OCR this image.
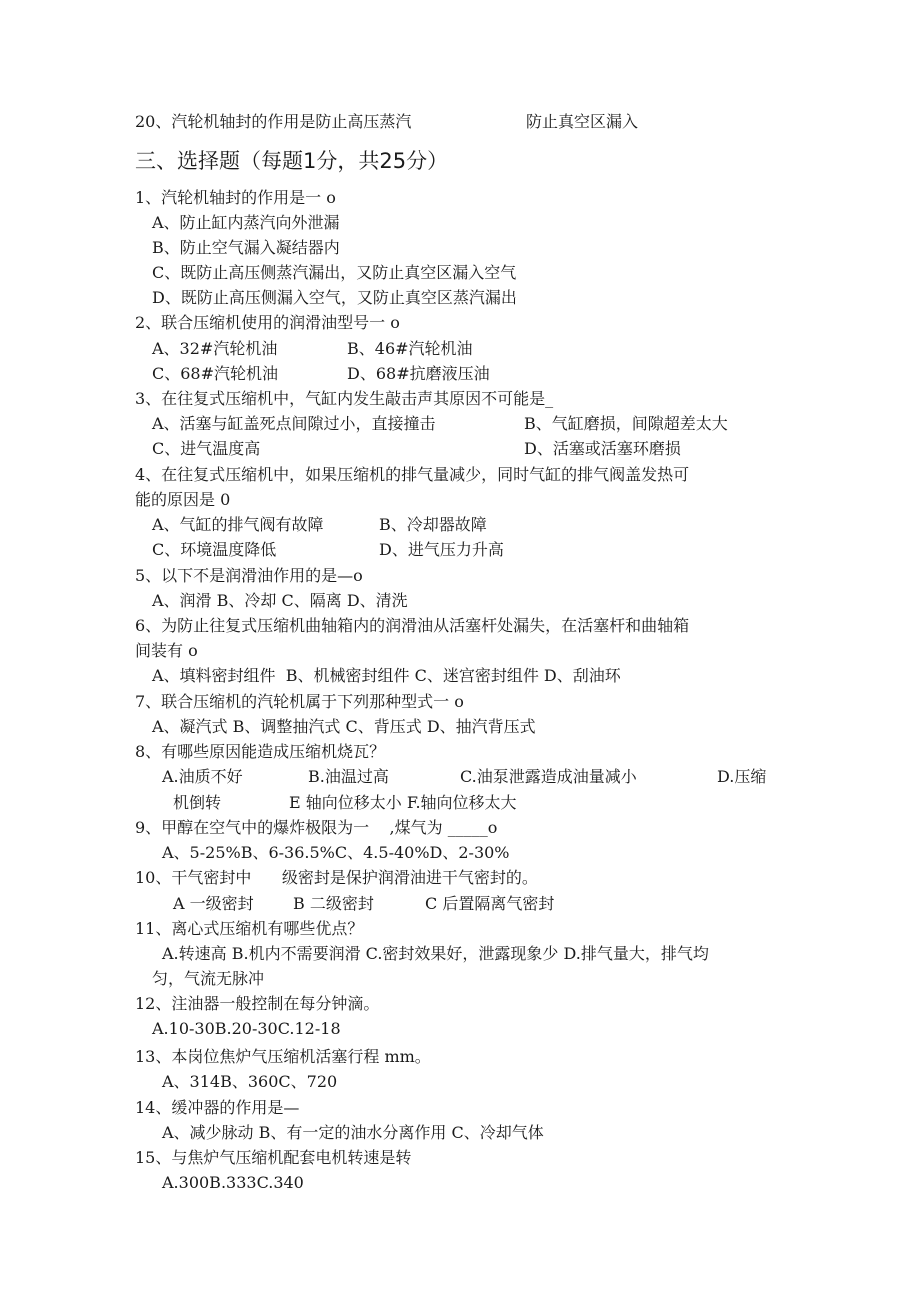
20、汽轮机轴封的作用是防止高压蒸汽	防止真空区漏入
三、选择题（每题1分，共25分）
1、汽轮机轴封的作用是一 o
A、防止缸内蒸汽向外泄漏
B、防止空气漏入凝结器内
C、既防止高压侧蒸汽漏出，又防止真空区漏入空气
D、既防止高压侧漏入空气，又防止真空区蒸汽漏出
2、联合压缩机使用的润滑油型号一 o
A、32#汽轮机油	B、46#汽轮机油
C、68#汽轮机油	D、68#抗磨液压油
3、在往复式压缩机中，气缸内发生敲击声其原因不可能是_
A、活塞与缸盖死点间隙过小，直接撞击	B、气缸磨损，间隙超差太大
C、进气温度高	D、活塞或活塞环磨损
4、在往复式压缩机中，如果压缩机的排气量减少，同时气缸的排气阀盖发热可
能的原因是 0
A、气缸的排气阀有故障	B、冷却器故障
C、环境温度降低	D、进气压力升高
5、以下不是润滑油作用的是—o
A、润滑 B、冷却 C、隔离 D、清洗
6、为防止往复式压缩机曲轴箱内的润滑油从活塞杆处漏失，在活塞杆和曲轴箱
间装有 o
A、填料密封组件  B、机械密封组件 C、迷宫密封组件 D、刮油环
7、联合压缩机的汽轮机属于下列那种型式一 o
A、凝汽式 B、调整抽汽式 C、背压式 D、抽汽背压式
8、有哪些原因能造成压缩机烧瓦？
A.油质不好	B.油温过高	C.油泵泄露造成油量减小	D.压缩
机倒转	E 轴向位移太小 F.轴向位移太大
9、甲醇在空气中的爆炸极限为一    ,煤气为 _____o
A、5-25%B、6-36.5%C、4.5-40%D、2-30%
10、干气密封中      级密封是保护润滑油进干气密封的。
A 一级密封 B 二级密封	C 后置隔离气密封
11、离心式压缩机有哪些优点？
A.转速高 B.机内不需要润滑 C.密封效果好，泄露现象少 D.排气量大，排气均
匀，气流无脉冲
12、注油器一般控制在每分钟滴。
A.10-30B.20-30C.12-18
13、本岗位焦炉气压缩机活塞行程 mm。
A、314B、360C、720
14、缓冲器的作用是—
A、减少脉动 B、有一定的油水分离作用 C、冷却气体
15、与焦炉气压缩机配套电机转速是转
A.300B.333C.340
